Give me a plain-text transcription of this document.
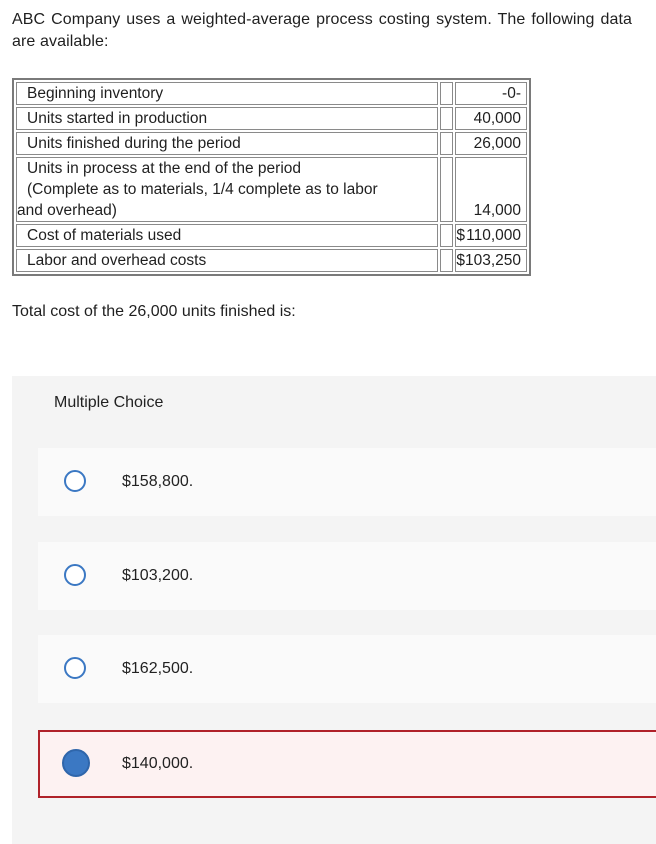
ABC Company uses a weighted-average process costing system. The following data are available:
Beginning inventory		-0-
Units started in production		40,000
Units finished during the period		26,000

Units in process at the end of the period
(Complete as to materials, 1/4 complete as to labor
and overhead)		14,000
Cost of materials used		$ 110,000

Labor and overhead costs		$ 103,250
Total cost of the 26,000 units finished is:
Multiple Choice
$158,800.
$103,200.
$162,500.
$140,000.
